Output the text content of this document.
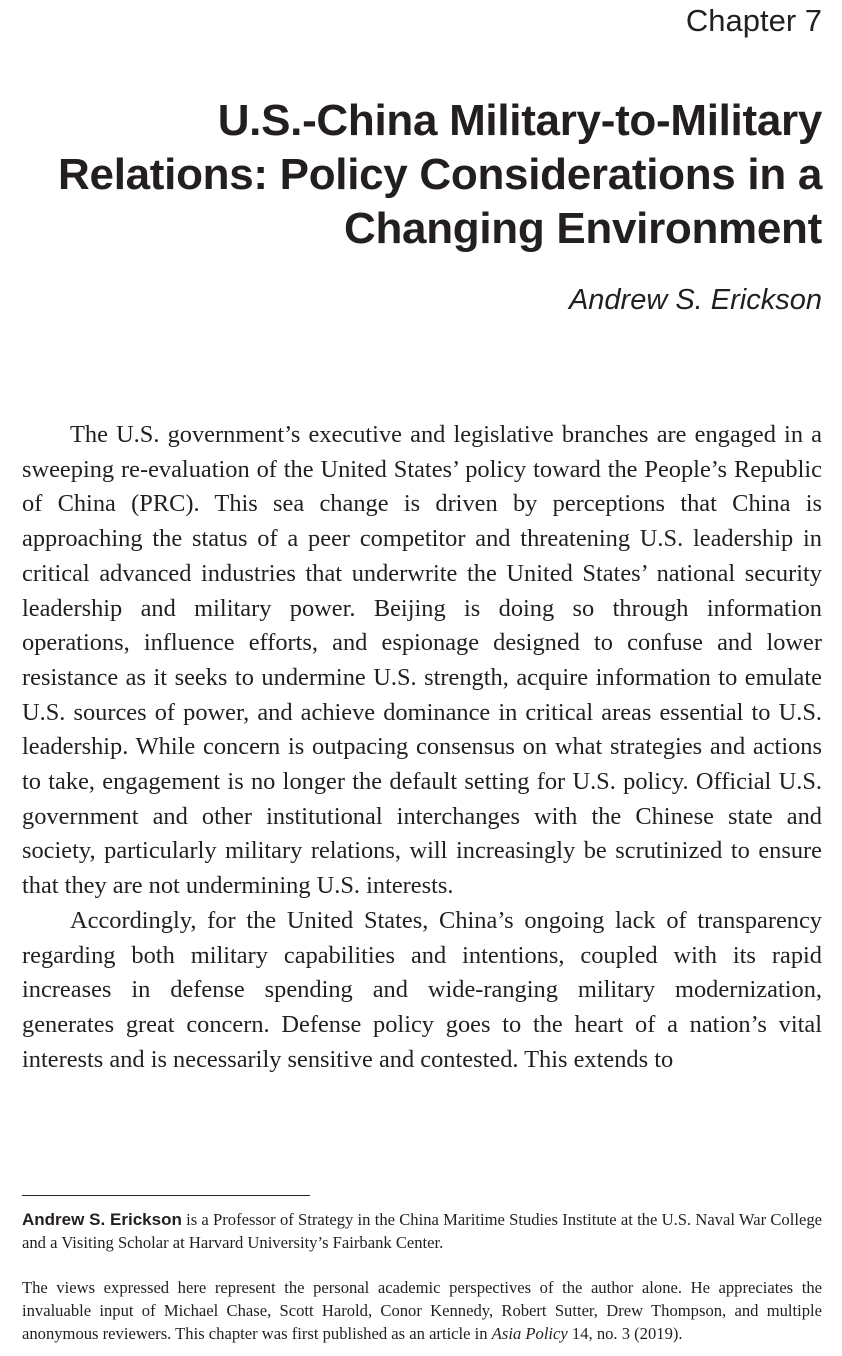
Chapter 7
U.S.-China Military-to-Military
Relations: Policy Considerations in a
Changing Environment
Andrew S. Erickson

The U.S. government’s executive and legislative branches are engaged in a sweeping re-evaluation of the United States’ policy toward the People’s Republic of China (PRC). This sea change is driven by perceptions that China is approaching the status of a peer competitor and threatening U.S. leadership in critical advanced industries that underwrite the United States’ national security leadership and military power. Beijing is doing so through information operations, influence efforts, and espionage designed to confuse and lower resistance as it seeks to undermine U.S. strength, acquire information to emulate U.S. sources of power, and achieve dominance in critical areas essential to U.S. leadership. While concern is outpacing consensus on what strategies and actions to take, engagement is no longer the default setting for U.S. policy. Official U.S. government and other institutional interchanges with the Chinese state and society, particularly military relations, will increasingly be scrutinized to ensure that they are not undermining U.S. interests.

Accordingly, for the United States, China’s ongoing lack of transparency regarding both military capabilities and intentions, coupled with its rapid increases in defense spending and wide-ranging military modernization, generates great concern. Defense policy goes to the heart of a nation’s vital interests and is necessarily sensitive and contested. This extends to

Andrew S. Erickson is a Professor of Strategy in the China Maritime Studies Institute at the U.S. Naval War College and a Visiting Scholar at Harvard University’s Fairbank Center.

The views expressed here represent the personal academic perspectives of the author alone. He appreciates the invaluable input of Michael Chase, Scott Harold, Conor Kennedy, Robert Sutter, Drew Thompson, and multiple anonymous reviewers. This chapter was first published as an article in Asia Policy 14, no. 3 (2019).
